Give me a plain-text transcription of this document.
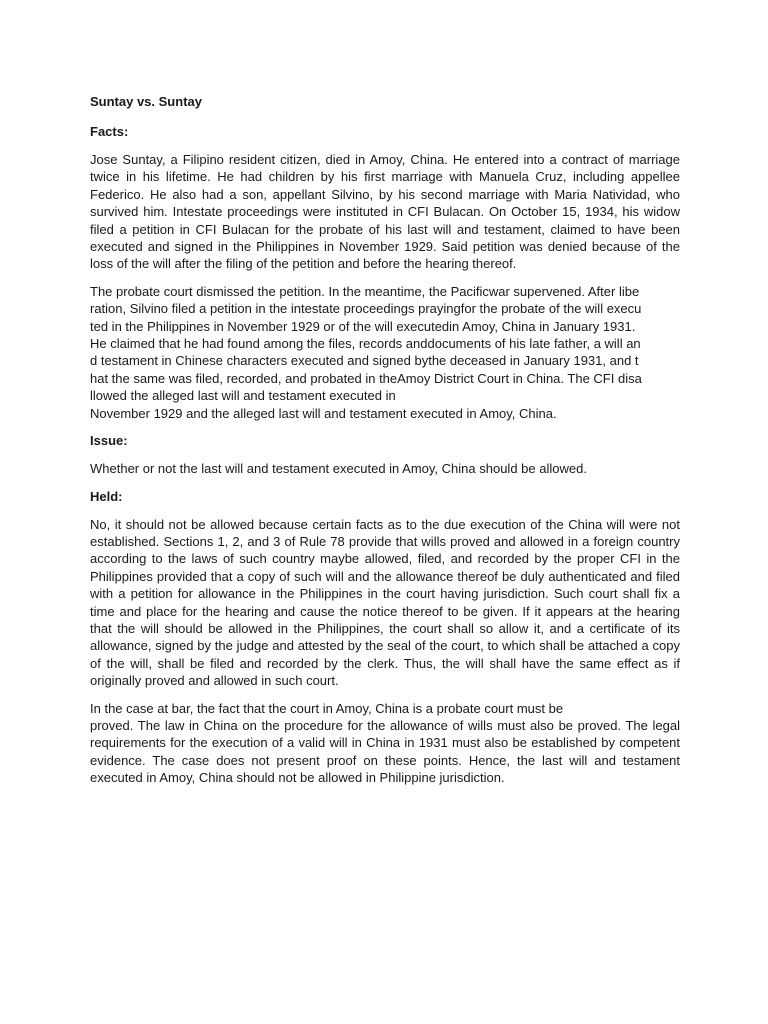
Suntay vs. Suntay

Facts:

Jose Suntay, a Filipino resident citizen, died in Amoy, China. He entered into a contract of marriage twice in his lifetime. He had children by his first marriage with Manuela Cruz, including appellee Federico. He also had a son, appellant Silvino, by his second marriage with Maria Natividad, who survived him. Intestate proceedings were instituted in CFI Bulacan. On October 15, 1934, his widow filed a petition in CFI Bulacan for the probate of his last will and testament, claimed to have been executed and signed in the Philippines in November 1929. Said petition was denied because of the loss of the will after the filing of the petition and before the hearing thereof.

The probate court dismissed the petition. In the meantime, the Pacificwar supervened. After libe
ration, Silvino filed a petition in the intestate proceedings prayingfor the probate of the will execu
ted in the Philippines in November 1929 or of the will executedin Amoy, China in January 1931.
He claimed that he had found among the files, records anddocuments of his late father, a will an
d testament in Chinese characters executed and signed bythe deceased in January 1931, and t
hat the same was filed, recorded, and probated in theAmoy District Court in China. The CFI disa
llowed the alleged last will and testament executed in
November 1929 and the alleged last will and testament executed in Amoy, China.

Issue:

Whether or not the last will and testament executed in Amoy, China should be allowed.

Held:

No, it should not be allowed because certain facts as to the due execution of the China will were not established. Sections 1, 2, and 3 of Rule 78 provide that wills proved and allowed in a foreign country according to the laws of such country maybe allowed, filed, and recorded by the proper CFI in the Philippines provided that a copy of such will and the allowance thereof be duly authenticated and filed with a petition for allowance in the Philippines in the court having jurisdiction. Such court shall fix a time and place for the hearing and cause the notice thereof to be given. If it appears at the hearing that the will should be allowed in the Philippines, the court shall so allow it, and a certificate of its allowance, signed by the judge and attested by the seal of the court, to which shall be attached a copy of the will, shall be filed and recorded by the clerk. Thus, the will shall have the same effect as if originally proved and allowed in such court.

In the case at bar, the fact that the court in Amoy, China is a probate court must be
proved. The law in China on the procedure for the allowance of wills must also be proved. The legal requirements for the execution of a valid will in China in 1931 must also be established by competent evidence. The case does not present proof on these points. Hence, the last will and testament executed in Amoy, China should not be allowed in Philippine jurisdiction.
